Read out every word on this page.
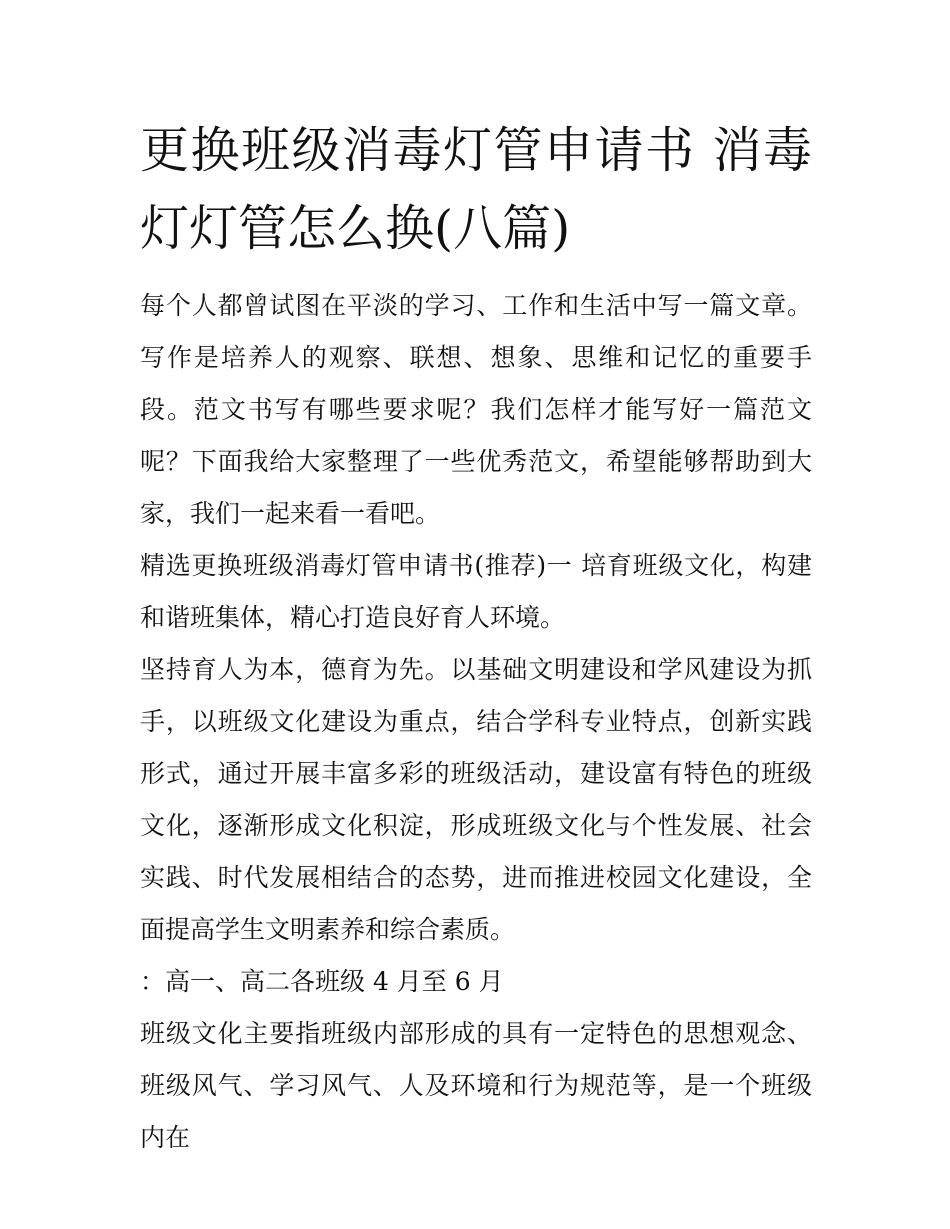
更换班级消毒灯管申请书 消毒灯灯管怎么换(八篇)

每个人都曾试图在平淡的学习、工作和生活中写一篇文章。写作是培养人的观察、联想、想象、思维和记忆的重要手段。范文书写有哪些要求呢？我们怎样才能写好一篇范文呢？下面我给大家整理了一些优秀范文，希望能够帮助到大家，我们一起来看一看吧。

精选更换班级消毒灯管申请书(推荐)一 培育班级文化，构建和谐班集体，精心打造良好育人环境。

坚持育人为本，德育为先。以基础文明建设和学风建设为抓手，以班级文化建设为重点，结合学科专业特点，创新实践形式，通过开展丰富多彩的班级活动，建设富有特色的班级文化，逐渐形成文化积淀，形成班级文化与个性发展、社会实践、时代发展相结合的态势，进而推进校园文化建设，全面提高学生文明素养和综合素质。

：高一、高二各班级 4 月至 6 月

班级文化主要指班级内部形成的具有一定特色的思想观念、班级风气、学习风气、人及环境和行为规范等，是一个班级内在
